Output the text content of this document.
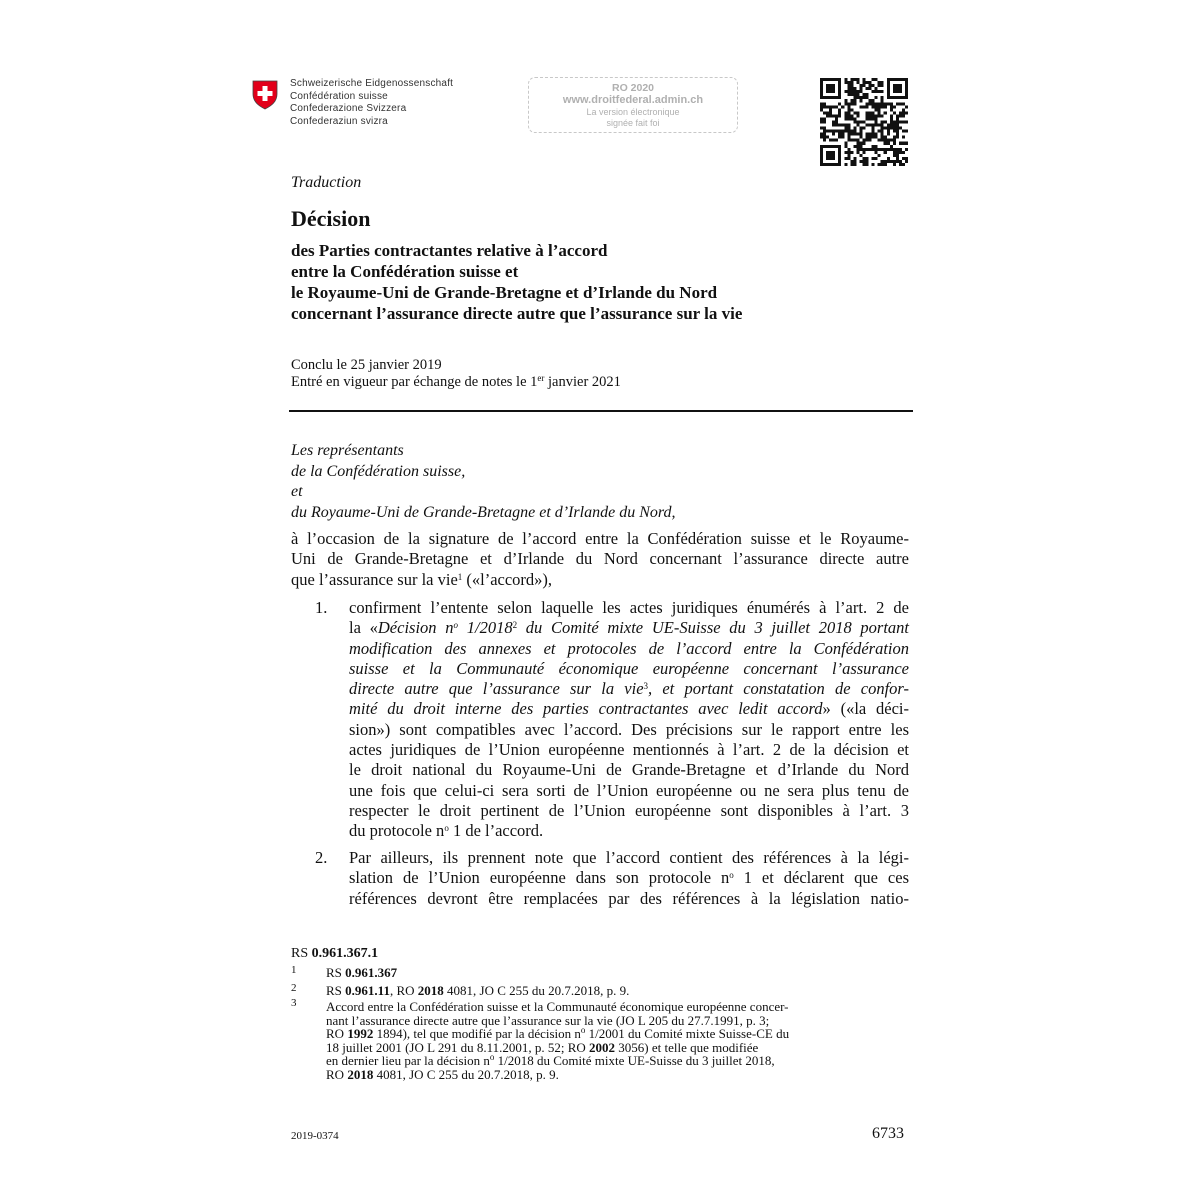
Schweizerische Eidgenossenschaft
Confédération suisse
Confederazione Svizzera
Confederaziun svizra
RO 2020
www.droitfederal.admin.ch
La version électronique
signée fait foi
Traduction
Décision
des Parties contractantes relative à l’accord
entre la Confédération suisse et
le Royaume-Uni de Grande-Bretagne et d’Irlande du Nord
concernant l’assurance directe autre que l’assurance sur la vie
Conclu le 25 janvier 2019
Entré en vigueur par échange de notes le 1er janvier 2021
Les représentants
de la Confédération suisse,
et
du Royaume-Uni de Grande-Bretagne et d’Irlande du Nord,
à l’occasion de la signature de l’accord entre la Confédération suisse et le Royaume-
Uni de Grande-Bretagne et d’Irlande du Nord concernant l’assurance directe autre
que l’assurance sur la vie$^1$ («l’accord»),
1. confirment l’entente selon laquelle les actes juridiques énumérés à l’art. 2 de
la «Décision $n^o$ 1/2018$^2$ du Comité mixte UE-Suisse du 3 juillet 2018 portant
modification des annexes et protocoles de l’accord entre la Confédération
suisse et la Communauté économique européenne concernant l’assurance
directe autre que l’assurance sur la vie$^3$, et portant constatation de confor-
mité du droit interne des parties contractantes avec ledit accord» («la déci-
sion») sont compatibles avec l’accord. Des précisions sur le rapport entre les
actes juridiques de l’Union européenne mentionnés à l’art. 2 de la décision et
le droit national du Royaume-Uni de Grande-Bretagne et d’Irlande du Nord
une fois que celui-ci sera sorti de l’Union européenne ou ne sera plus tenu de
respecter le droit pertinent de l’Union européenne sont disponibles à l’art. 3
du protocole $n^o$ 1 de l’accord.
2. Par ailleurs, ils prennent note que l’accord contient des références à la légi-
slation de l’Union européenne dans son protocole $n^o$ 1 et déclarent que ces
références devront être remplacées par des références à la législation natio-
RS 0.961.367.1
1 RS 0.961.367
2 RS 0.961.11, RO 2018 4081, JO C 255 du 20.7.2018, p. 9.
3 Accord entre la Confédération suisse et la Communauté économique européenne concer-
nant l’assurance directe autre que l’assurance sur la vie (JO L 205 du 27.7.1991, p. 3;
RO 1992 1894), tel que modifié par la décision $n^o$ 1/2001 du Comité mixte Suisse-CE du
18 juillet 2001 (JO L 291 du 8.11.2001, p. 52; RO 2002 3056) et telle que modifiée
en dernier lieu par la décision $n^o$ 1/2018 du Comité mixte UE-Suisse du 3 juillet 2018,
RO 2018 4081, JO C 255 du 20.7.2018, p. 9.
2019-0374	6733
